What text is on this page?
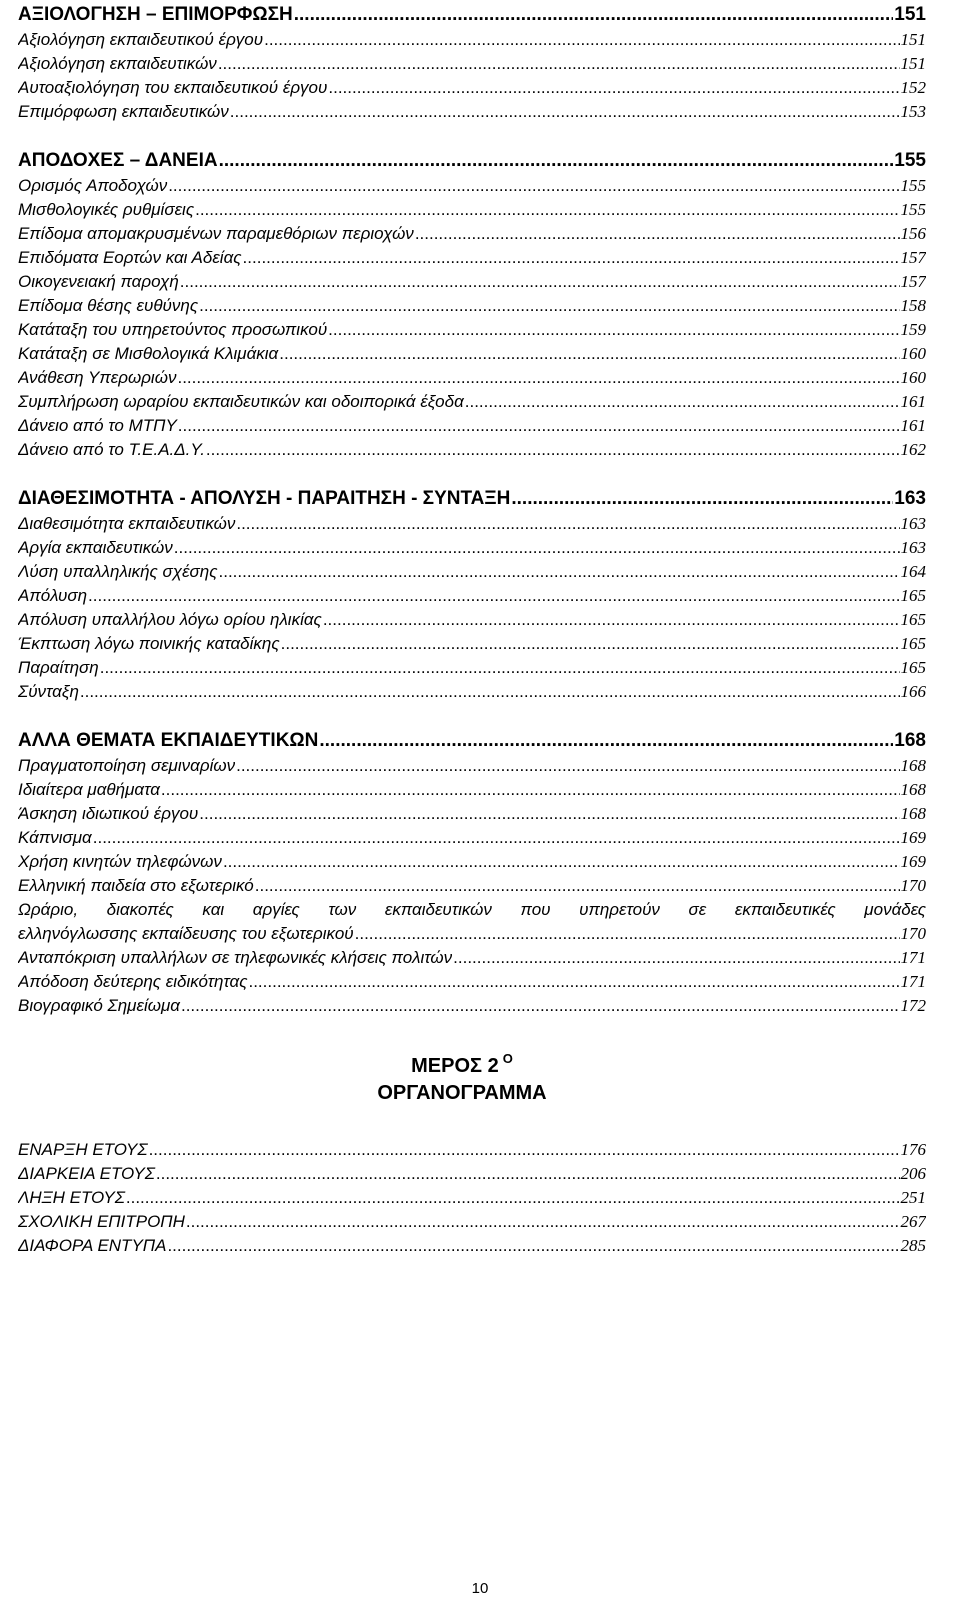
ΑΞΙΟΛΟΓΗΣΗ – ΕΠΙΜΟΡΦΩΣΗ .....	151
Αξιολόγηση εκπαιδευτικού έργου .....	151
Αξιολόγηση εκπαιδευτικών .....	151
Αυτοαξιολόγηση του εκπαιδευτικού έργου .....	152
Επιμόρφωση εκπαιδευτικών .....	153
ΑΠΟΔΟΧΕΣ – ΔΑΝΕΙΑ .....	155
Ορισμός Αποδοχών .....	155
Μισθολογικές ρυθμίσεις .....	155
Επίδομα απομακρυσμένων παραμεθόριων περιοχών .....	156
Επιδόματα Εορτών και Αδείας .....	157
Οικογενειακή παροχή .....	157
Επίδομα θέσης ευθύνης .....	158
Κατάταξη του υπηρετούντος προσωπικού .....	159
Κατάταξη σε Μισθολογικά Κλιμάκια .....	160
Ανάθεση Υπερωριών .....	160
Συμπλήρωση ωραρίου εκπαιδευτικών και οδοιπορικά έξοδα .....	161
Δάνειο από το ΜΤΠΥ .....	161
Δάνειο από το Τ.Ε.Α.Δ.Υ. .....	162
ΔΙΑΘΕΣΙΜΟΤΗΤΑ - ΑΠΟΛΥΣΗ - ΠΑΡΑΙΤΗΣΗ - ΣΥΝΤΑΞΗ .....	163
Διαθεσιμότητα εκπαιδευτικών .....	163
Αργία εκπαιδευτικών .....	163
Λύση υπαλληλικής σχέσης .....	164
Απόλυση .....	165
Απόλυση υπαλλήλου λόγω ορίου ηλικίας .....	165
Έκπτωση λόγω ποινικής καταδίκης .....	165
Παραίτηση .....	165
Σύνταξη .....	166
ΑΛΛΑ ΘΕΜΑΤΑ ΕΚΠΑΙΔΕΥΤΙΚΩΝ .....	168
Πραγματοποίηση σεμιναρίων .....	168
Ιδιαίτερα μαθήματα .....	168
Άσκηση ιδιωτικού έργου .....	168
Κάπνισμα .....	169
Χρήση κινητών τηλεφώνων .....	169
Ελληνική παιδεία στο εξωτερικό .....	170
Ωράριο, διακοπές και αργίες των εκπαιδευτικών που υπηρετούν σε εκπαιδευτικές μονάδες
ελληνόγλωσσης εκπαίδευσης του εξωτερικού .....	170
Ανταπόκριση υπαλλήλων σε τηλεφωνικές κλήσεις πολιτών .....	171
Απόδοση δεύτερης ειδικότητας .....	171
Βιογραφικό Σημείωμα .....	172
ΜΕΡΟΣ 2 $^O$
ΟΡΓΑΝΟΓΡΑΜΜΑ
ΕΝΑΡΞΗ ΕΤΟΥΣ .....	176
ΔΙΑΡΚΕΙΑ ΕΤΟΥΣ .....	206
ΛΗΞΗ ΕΤΟΥΣ .....	251
ΣΧΟΛΙΚΗ ΕΠΙΤΡΟΠΗ .....	267
ΔΙΑΦΟΡΑ ΕΝΤΥΠΑ .....	285
10
